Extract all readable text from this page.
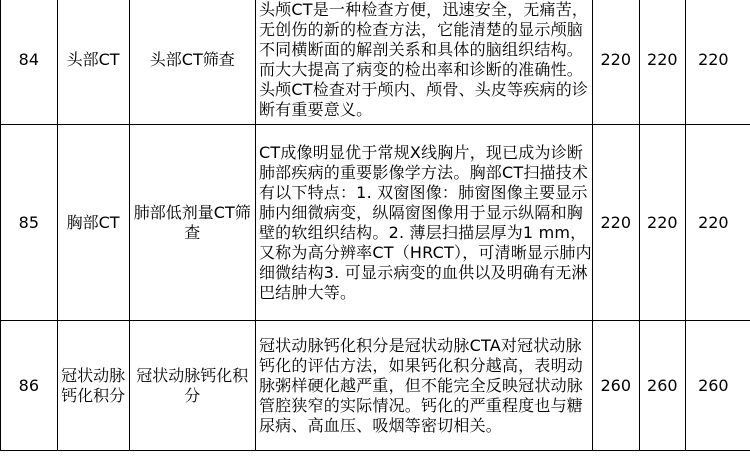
84	头部CT	头部CT筛查	头颅CT是一种检查方便，迅速安全，无痛苦，无创伤的新的检查方法，它能清楚的显示颅脑不同横断面的解剖关系和具体的脑组织结构。而大大提高了病变的检出率和诊断的准确性。头颅CT检查对于颅内、颅骨、头皮等疾病的诊断有重要意义。	220	220	220

85	胸部CT	肺部低剂量CT筛查	CT成像明显优于常规X线胸片，现已成为诊断肺部疾病的重要影像学方法。胸部CT扫描技术有以下特点：1. 双窗图像：肺窗图像主要显示肺内细微病变，纵隔窗图像用于显示纵隔和胸壁的软组织结构。2. 薄层扫描层厚为1 mm，又称为高分辨率CT（HRCT），可清晰显示肺内细微结构3. 可显示病变的血供以及明确有无淋巴结肿大等。	220	220	220

86	冠状动脉钙化积分	冠状动脉钙化积分	冠状动脉钙化积分是冠状动脉CTA对冠状动脉钙化的评估方法，如果钙化积分越高，表明动脉粥样硬化越严重，但不能完全反映冠状动脉管腔狭窄的实际情况。钙化的严重程度也与糖尿病、高血压、吸烟等密切相关。	260	260	260
